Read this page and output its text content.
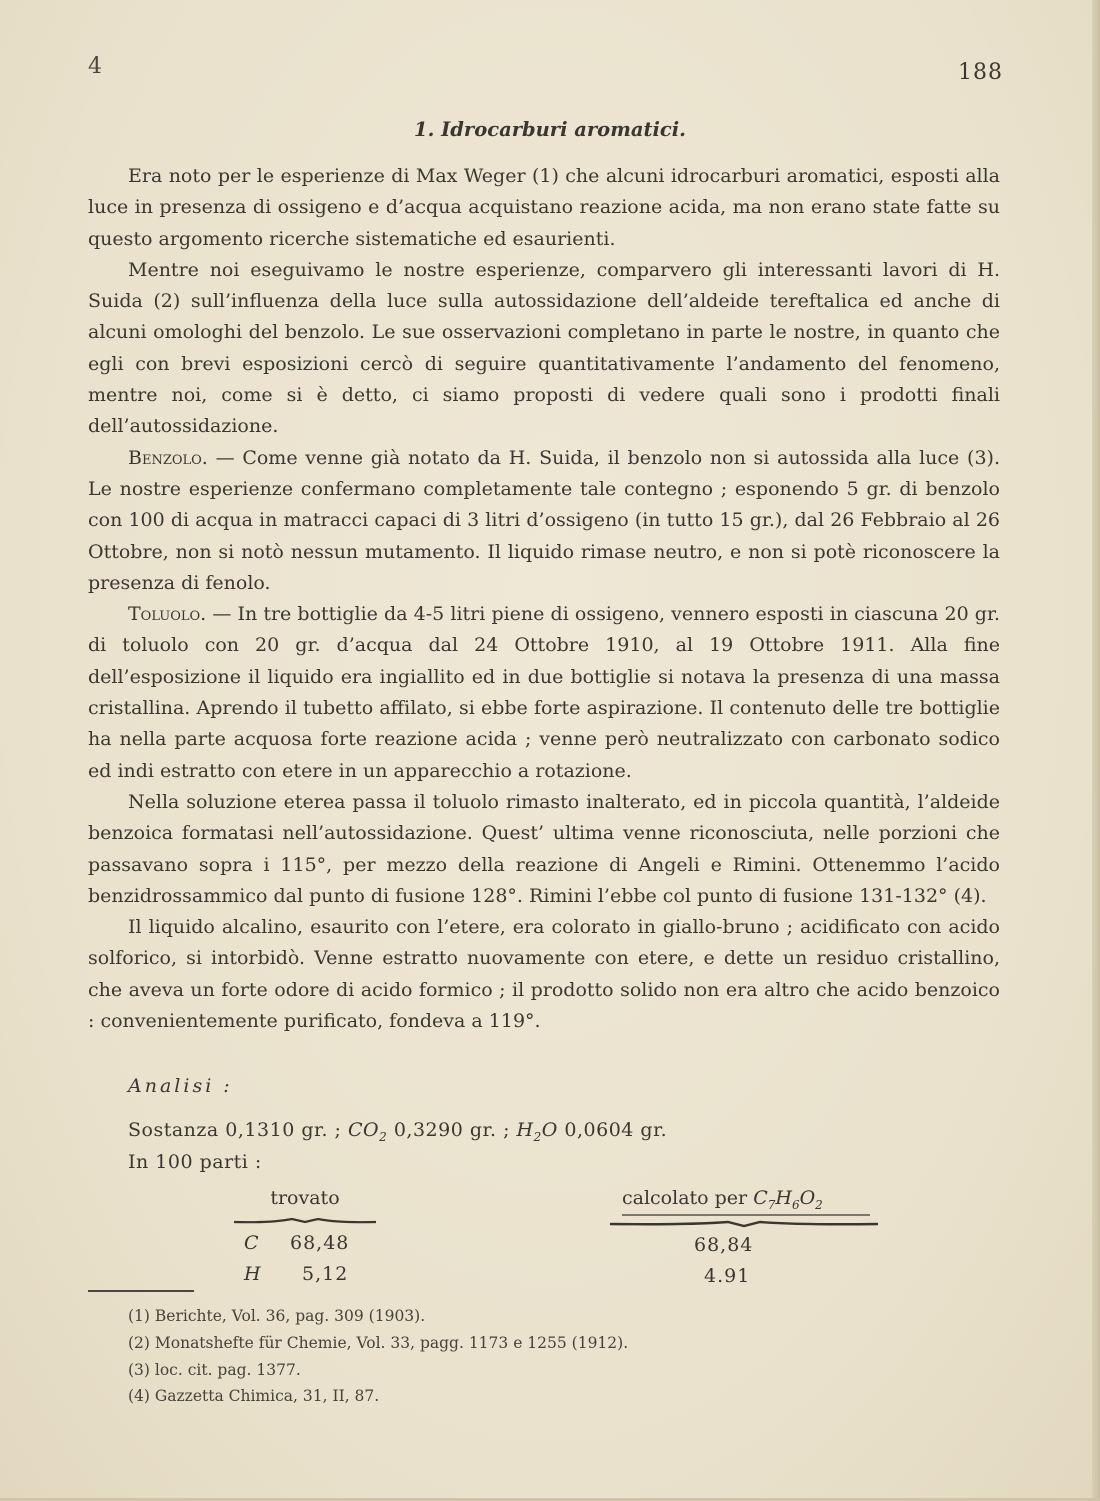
4	188
1. Idrocarburi aromatici.

Era noto per le esperienze di Max Weger (1) che alcuni idrocarburi aromatici, esposti alla luce in presenza di ossigeno e d’acqua acquistano reazione acida, ma non erano state fatte su questo argomento ricerche sistematiche ed esaurienti.

Mentre noi eseguivamo le nostre esperienze, comparvero gli interessanti lavori di H. Suida (2) sull’influenza della luce sulla autossidazione dell’aldeide tereftalica ed anche di alcuni omologhi del benzolo. Le sue osservazioni completano in parte le nostre, in quanto che egli con brevi esposizioni cercò di seguire quantitativamente l’andamento del fenomeno, mentre noi, come si è detto, ci siamo proposti di vedere quali sono i prodotti finali dell’autossidazione.

Benzolo. — Come venne già notato da H. Suida, il benzolo non si autossida alla luce (3). Le nostre esperienze confermano completamente tale contegno ; esponendo 5 gr. di benzolo con 100 di acqua in matracci capaci di 3 litri d’ossigeno (in tutto 15 gr.), dal 26 Febbraio al 26 Ottobre, non si notò nessun mutamento. Il liquido rimase neutro, e non si potè riconoscere la presenza di fenolo.

Toluolo. — In tre bottiglie da 4-5 litri piene di ossigeno, vennero esposti in ciascuna 20 gr. di toluolo con 20 gr. d’acqua dal 24 Ottobre 1910, al 19 Ottobre 1911. Alla fine dell’esposizione il liquido era ingiallito ed in due bottiglie si notava la presenza di una massa cristallina. Aprendo il tubetto affilato, si ebbe forte aspirazione. Il contenuto delle tre bottiglie ha nella parte acquosa forte reazione acida ; venne però neutralizzato con carbonato sodico ed indi estratto con etere in un apparecchio a rotazione.

Nella soluzione eterea passa il toluolo rimasto inalterato, ed in piccola quantità, l’aldeide benzoica formatasi nell’autossidazione. Quest’ ultima venne riconosciuta, nelle porzioni che passavano sopra i 115°, per mezzo della reazione di Angeli e Rimini. Ottenemmo l’acido benzidrossammico dal punto di fusione 128°. Rimini l’ebbe col punto di fusione 131-132° (4).

Il liquido alcalino, esaurito con l’etere, era colorato in giallo-bruno ; acidificato con acido solforico, si intorbidò. Venne estratto nuovamente con etere, e dette un residuo cristallino, che aveva un forte odore di acido formico ; il prodotto solido non era altro che acido benzoico : convenientemente purificato, fondeva a 119°.

Analisi :
Sostanza 0,1310 gr. ; $CO_2$ 0,3290 gr. ; $H_2O$ 0,0604 gr.
In 100 parti :
trovato	calcolato per $C_7H_6O_2$
C 68,48	68,84
H 5,12	4.91
(1) Berichte, Vol. 36, pag. 309 (1903).
(2) Monatshefte für Chemie, Vol. 33, pagg. 1173 e 1255 (1912).
(3) loc. cit. pag. 1377.
(4) Gazzetta Chimica, 31, II, 87.
